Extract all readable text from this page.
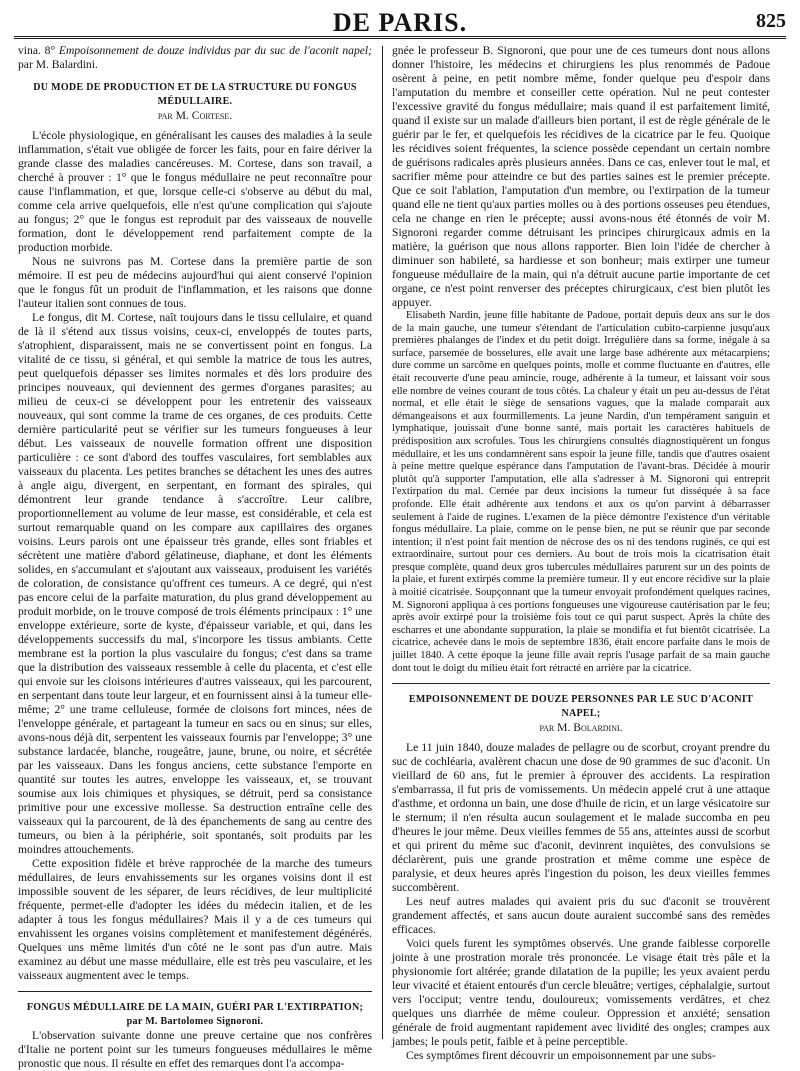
DE PARIS.	825

vina. 8° Empoisonnement de douze individus par du suc de l'aconit napel; par M. Balardini.

DU MODE DE PRODUCTION ET DE LA STRUCTURE DU FONGUS MÉDULLAIRE.
par M. Cortese.

L'école physiologique, en généralisant les causes des maladies à la seule inflammation, s'était vue obligée de forcer les faits, pour en faire dériver la grande classe des maladies cancéreuses. M. Cortese, dans son travail, a cherché à prouver : 1° que le fongus médullaire ne peut reconnaître pour cause l'inflammation, et que, lorsque celle-ci s'observe au début du mal, comme cela arrive quelquefois, elle n'est qu'une complication qui s'ajoute au fongus; 2° que le fongus est reproduit par des vaisseaux de nouvelle formation, dont le développement rend parfaitement compte de la production morbide.

Nous ne suivrons pas M. Cortese dans la première partie de son mémoire. Il est peu de médecins aujourd'hui qui aient conservé l'opinion que le fongus fût un produit de l'inflammation, et les raisons que donne l'auteur italien sont connues de tous.

Le fongus, dit M. Cortese, naît toujours dans le tissu cellulaire, et quand de là il s'étend aux tissus voisins, ceux-ci, enveloppés de toutes parts, s'atrophient, disparaissent, mais ne se convertissent point en fongus. La vitalité de ce tissu, si général, et qui semble la matrice de tous les autres, peut quelquefois dépasser ses limites normales et dès lors produire des principes nouveaux, qui deviennent des germes d'organes parasites; au milieu de ceux-ci se développent pour les entretenir des vaisseaux nouveaux, qui sont comme la trame de ces organes, de ces produits. Cette dernière particularité peut se vérifier sur les tumeurs fongueuses à leur début. Les vaisseaux de nouvelle formation offrent une disposition particulière : ce sont d'abord des touffes vasculaires, fort semblables aux vaisseaux du placenta. Les petites branches se détachent les unes des autres à angle aigu, divergent, en serpentant, en formant des spirales, qui démontrent leur grande tendance à s'accroître. Leur calibre, proportionnellement au volume de leur masse, est considérable, et cela est surtout remarquable quand on les compare aux capillaires des organes voisins. Leurs parois ont une épaisseur très grande, elles sont friables et sécrètent une matière d'abord gélatineuse, diaphane, et dont les éléments solides, en s'accumulant et s'ajoutant aux vaisseaux, produisent les variétés de coloration, de consistance qu'offrent ces tumeurs. A ce degré, qui n'est pas encore celui de la parfaite maturation, du plus grand développement au produit morbide, on le trouve composé de trois éléments principaux : 1° une enveloppe extérieure, sorte de kyste, d'épaisseur variable, et qui, dans les développements successifs du mal, s'incorpore les tissus ambiants. Cette membrane est la portion la plus vasculaire du fongus; c'est dans sa trame que la distribution des vaisseaux ressemble à celle du placenta, et c'est elle qui envoie sur les cloisons intérieures d'autres vaisseaux, qui les parcourent, en serpentant dans toute leur largeur, et en fournissent ainsi à la tumeur elle-même; 2° une trame celluleuse, formée de cloisons fort minces, nées de l'enveloppe générale, et partageant la tumeur en sacs ou en sinus; sur elles, avons-nous déjà dit, serpentent les vaisseaux fournis par l'enveloppe; 3° une substance lardacée, blanche, rougeâtre, jaune, brune, ou noire, et sécrétée par les vaisseaux. Dans les fongus anciens, cette substance l'emporte en quantité sur toutes les autres, enveloppe les vaisseaux, et, se trouvant soumise aux lois chimiques et physiques, se détruit, perd sa consistance primitive pour une excessive mollesse. Sa destruction entraîne celle des vaisseaux qui la parcourent, de là des épanchements de sang au centre des tumeurs, ou bien à la périphérie, soit spontanés, soit produits par les moindres attouchements.

Cette exposition fidèle et brève rapprochée de la marche des tumeurs médullaires, de leurs envahissements sur les organes voisins dont il est impossible souvent de les séparer, de leurs récidives, de leur multiplicité fréquente, permet-elle d'adopter les idées du médecin italien, et de les adapter à tous les fongus médullaires? Mais il y a de ces tumeurs qui envahissent les organes voisins complètement et manifestement dégénérés. Quelques uns même limités d'un côté ne le sont pas d'un autre. Mais examinez au début une masse médullaire, elle est très peu vasculaire, et les vaisseaux augmentent avec le temps.

FONGUS MÉDULLAIRE DE LA MAIN, GUÉRI PAR L'EXTIRPATION; par M. Bartolomeo Signoroni.

L'observation suivante donne une preuve certaine que nos confrères d'Italie ne portent point sur les tumeurs fongueuses médullaires le même pronostic que nous. Il résulte en effet des remarques dont l'a accompa-

gnée le professeur B. Signoroni, que pour une de ces tumeurs dont nous allons donner l'histoire, les médecins et chirurgiens les plus renommés de Padoue osèrent à peine, en petit nombre même, fonder quelque peu d'espoir dans l'amputation du membre et conseiller cette opération. Nul ne peut contester l'excessive gravité du fongus médullaire; mais quand il est parfaitement limité, quand il existe sur un malade d'ailleurs bien portant, il est de règle générale de le guérir par le fer, et quelquefois les récidives de la cicatrice par le feu. Quoique les récidives soient fréquentes, la science possède cependant un certain nombre de guérisons radicales après plusieurs années. Dans ce cas, enlever tout le mal, et sacrifier même pour atteindre ce but des parties saines est le premier précepte. Que ce soit l'ablation, l'amputation d'un membre, ou l'extirpation de la tumeur quand elle ne tient qu'aux parties molles ou à des portions osseuses peu étendues, cela ne change en rien le précepte; aussi avons-nous été étonnés de voir M. Signoroni regarder comme détruisant les principes chirurgicaux admis en la matière, la guérison que nous allons rapporter. Bien loin l'idée de chercher à diminuer son habileté, sa hardiesse et son bonheur; mais extirper une tumeur fongueuse médullaire de la main, qui n'a détruit aucune partie importante de cet organe, ce n'est point renverser des préceptes chirurgicaux, c'est bien plutôt les appuyer.

Elisabeth Nardin, jeune fille habitante de Padoue, portait depuis deux ans sur le dos de la main gauche, une tumeur s'étendant de l'articulation cubito-carpienne jusqu'aux premières phalanges de l'index et du petit doigt. Irrégulière dans sa forme, inégale à sa surface, parsemée de bosselures, elle avait une large base adhérente aux métacarpiens; dure comme un sarcôme en quelques points, molle et comme fluctuante en d'autres, elle était recouverte d'une peau amincie, rouge, adhérente à la tumeur, et laissant voir sous elle nombre de veines courant de tous côtés. La chaleur y était un peu au-dessus de l'état normal, et elle était le siège de sensations vagues, que la malade comparait aux démangeaisons et aux fourmillements. La jeune Nardin, d'un tempérament sanguin et lymphatique, jouissait d'une bonne santé, mais portait les caractères habituels de prédisposition aux scrofules. Tous les chirurgiens consultés diagnostiquèrent un fongus médullaire, et les uns condamnèrent sans espoir la jeune fille, tandis que d'autres osaient à peine mettre quelque espérance dans l'amputation de l'avant-bras. Décidée à mourir plutôt qu'à supporter l'amputation, elle alla s'adresser à M. Signoroni qui entreprit l'extirpation du mal. Cernée par deux incisions la tumeur fut disséquée à sa face profonde. Elle était adhérente aux tendons et aux os qu'on parvint à débarrasser seulement à l'aide de rugines. L'examen de la pièce démontre l'existence d'un véritable fongus médullaire. La plaie, comme on le pense bien, ne put se réunir que par seconde intention; il n'est point fait mention de nécrose des os ni des tendons ruginés, ce qui est extraordinaire, surtout pour ces derniers. Au bout de trois mois la cicatrisation était presque complète, quand deux gros tubercules médullaires parurent sur un des points de la plaie, et furent extirpés comme la première tumeur. Il y eut encore récidive sur la plaie à moitié cicatrisée. Soupçonnant que la tumeur envoyait profondément quelques racines, M. Signoroni appliqua à ces portions fongueuses une vigoureuse cautérisation par le feu; après avoir extirpé pour la troisième fois tout ce qui parut suspect. Après la chûte des escharres et une abondante suppuration, la plaie se mondifia et fut bientôt cicatrisée. La cicatrice, achevée dans le mois de septembre 1836, était encore parfaite dans le mois de juillet 1840. A cette époque la jeune fille avait repris l'usage parfait de sa main gauche dont tout le doigt du milieu était fort rétracté en arrière par la cicatrice.

EMPOISONNEMENT DE DOUZE PERSONNES PAR LE SUC D'ACONIT NAPEL;
par M. Bolardini.

Le 11 juin 1840, douze malades de pellagre ou de scorbut, croyant prendre du suc de cochléaria, avalèrent chacun une dose de 90 grammes de suc d'aconit. Un vieillard de 60 ans, fut le premier à éprouver des accidents. La respiration s'embarrassa, il fut pris de vomissements. Un médecin appelé crut à une attaque d'asthme, et ordonna un bain, une dose d'huile de ricin, et un large vésicatoire sur le sternum; il n'en résulta aucun soulagement et le malade succomba en peu d'heures le jour même. Deux vieilles femmes de 55 ans, atteintes aussi de scorbut et qui prirent du même suc d'aconit, devinrent inquiètes, des convulsions se déclarèrent, puis une grande prostration et même comme une espèce de paralysie, et deux heures après l'ingestion du poison, les deux vieilles femmes succombèrent.

Les neuf autres malades qui avaient pris du suc d'aconit se trouvèrent grandement affectés, et sans aucun doute auraient succombé sans des remèdes efficaces.

Voici quels furent les symptômes observés. Une grande faiblesse corporelle jointe à une prostration morale très prononcée. Le visage était très pâle et la physionomie fort altérée; grande dilatation de la pupille; les yeux avaient perdu leur vivacité et étaient entourés d'un cercle bleuâtre; vertiges, céphalalgie, surtout vers l'occiput; ventre tendu, douloureux; vomissements verdâtres, et chez quelques uns diarrhée de même couleur. Oppression et anxiété; sensation générale de froid augmentant rapidement avec lividité des ongles; crampes aux jambes; le pouls petit, faible et à peine perceptible.

Ces symptômes firent découvrir un empoisonnement par une subs-
